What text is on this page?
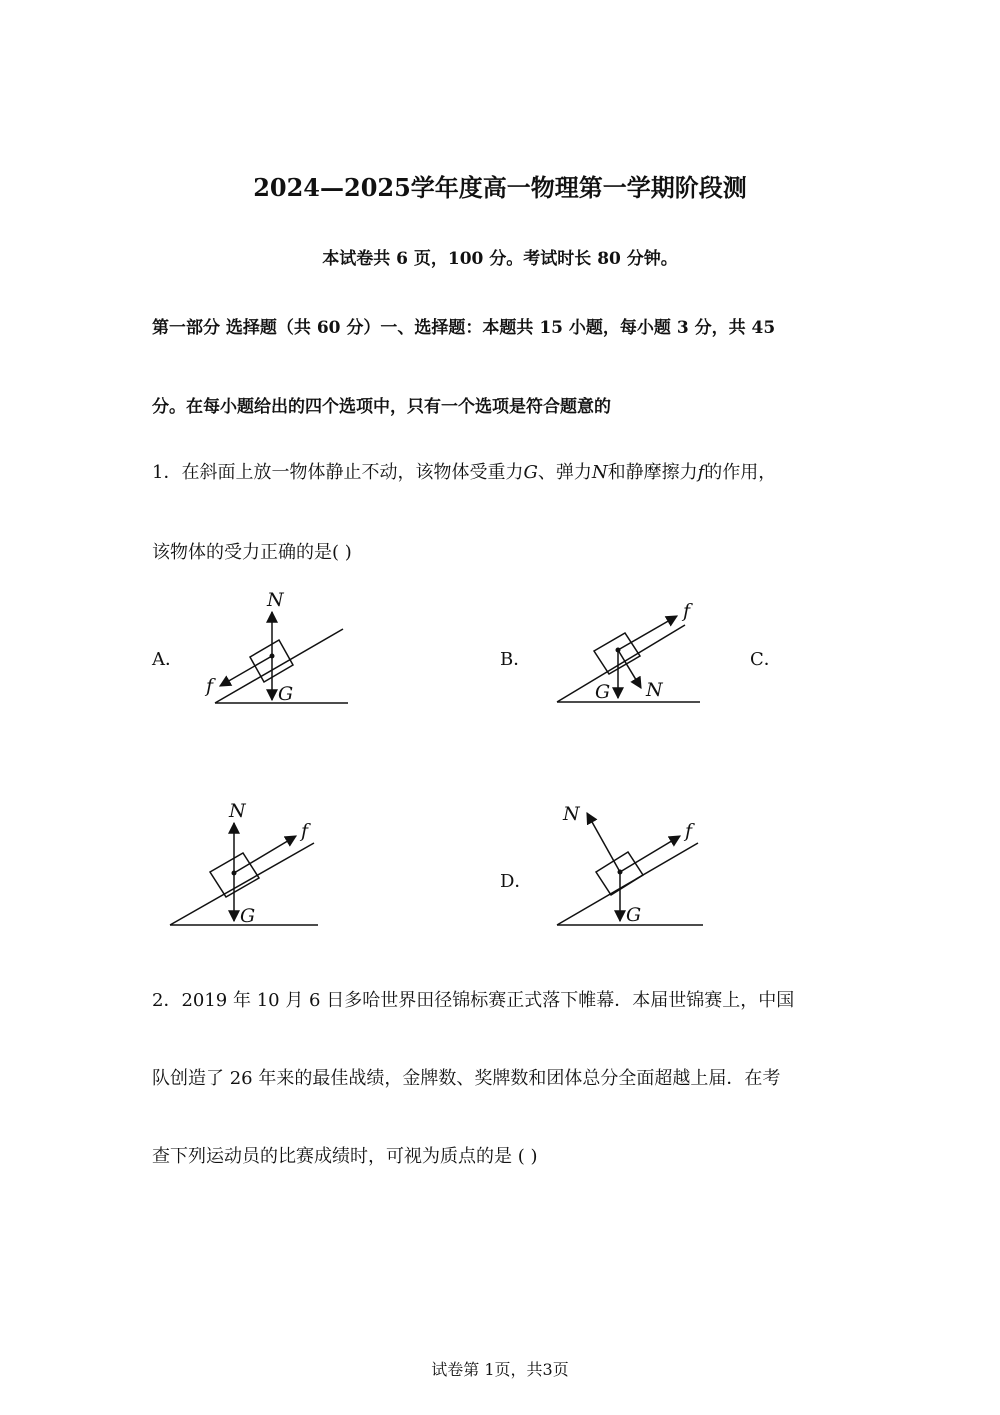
2024—2025学年度高一物理第一学期阶段测
本试卷共 6 页，100 分。考试时长 80 分钟。
第一部分 选择题（共 60 分）一、选择题：本题共 15 小题，每小题 3 分，共 45
分。在每小题给出的四个选项中，只有一个选项是符合题意的
1．在斜面上放一物体静止不动，该物体受重力G、弹力N和静摩擦力f的作用，
该物体的受力正确的是( )
A．	B．	C．
D．
N
f	G
f
G N
N
f
G
N
f
G
2．2019 年 10 月 6 日多哈世界田径锦标赛正式落下帷幕．本届世锦赛上，中国
队创造了 26 年来的最佳战绩，金牌数、奖牌数和团体总分全面超越上届．在考
查下列运动员的比赛成绩时，可视为质点的是 ( )
试卷第 1页，共3页
